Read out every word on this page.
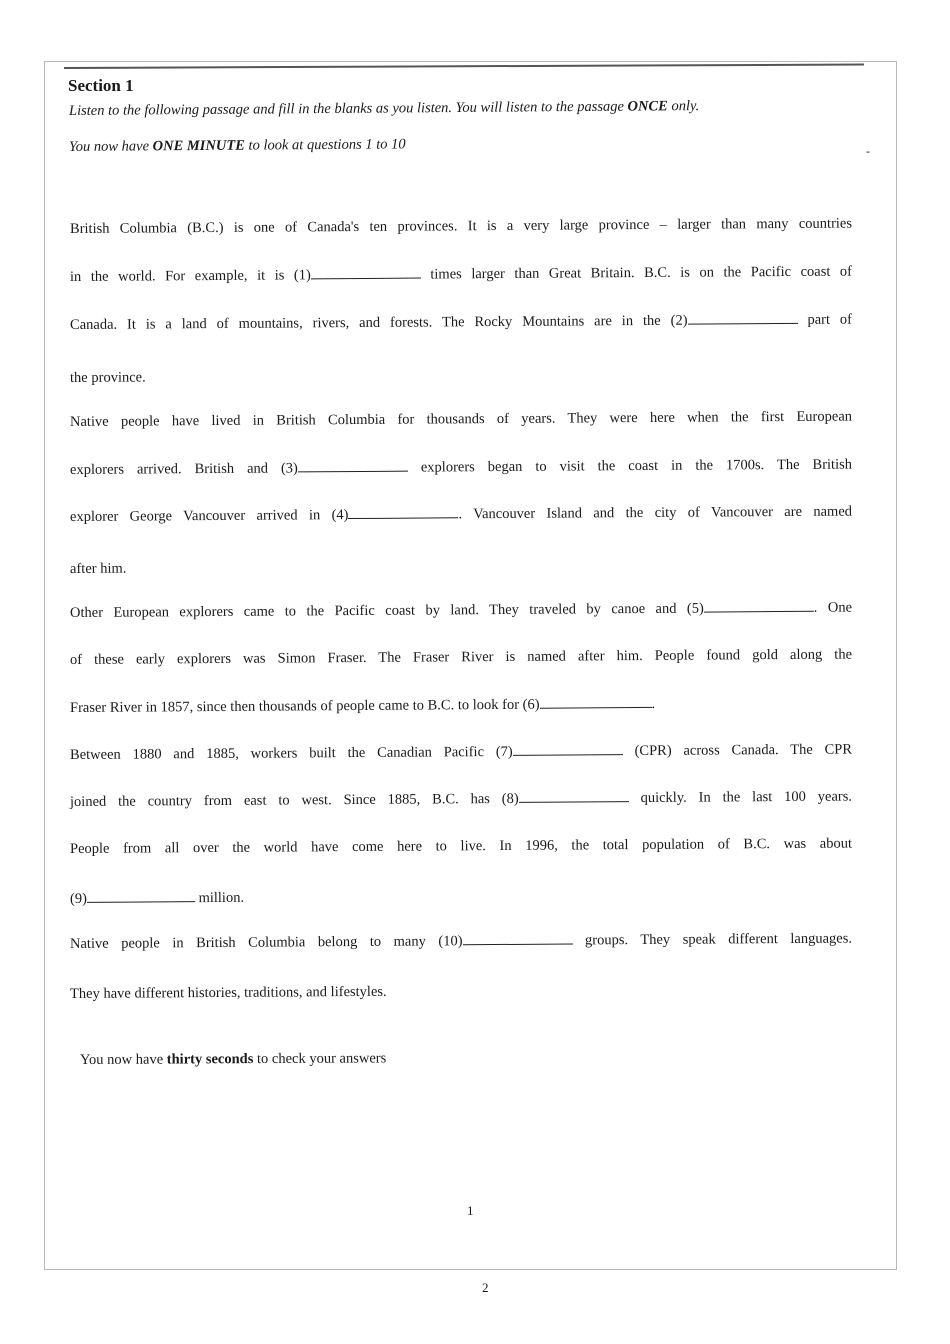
Section 1

Listen to the following passage and fill in the blanks as you listen. You will listen to the passage ONCE only.

You now have ONE MINUTE to look at questions 1 to 10	-

British Columbia (B.C.) is one of Canada's ten provinces. It is a very large province – larger than many countries

in the world. For example, it is (1)	times larger than Great Britain. B.C. is on the Pacific coast of

Canada. It is a land of mountains, rivers, and forests. The Rocky Mountains are in the (2)	part of

the province.

Native people have lived in British Columbia for thousands of years. They were here when the first European

explorers arrived. British and (3)	explorers began to visit the coast in the 1700s. The British

explorer George Vancouver arrived in (4)	. Vancouver Island and the city of Vancouver are named

after him.

Other European explorers came to the Pacific coast by land. They traveled by canoe and (5)	. One

of these early explorers was Simon Fraser. The Fraser River is named after him. People found gold along the

Fraser River in 1857, since then thousands of people came to B.C. to look for (6)	.

Between 1880 and 1885, workers built the Canadian Pacific (7)	(CPR) across Canada. The CPR

joined the country from east to west. Since 1885, B.C. has (8)	quickly. In the last 100 years.

People from all over the world have come here to live. In 1996, the total population of B.C. was about

(9)	million.

Native people in British Columbia belong to many (10)	groups. They speak different languages.

They have different histories, traditions, and lifestyles.

You now have thirty seconds to check your answers

1

2
